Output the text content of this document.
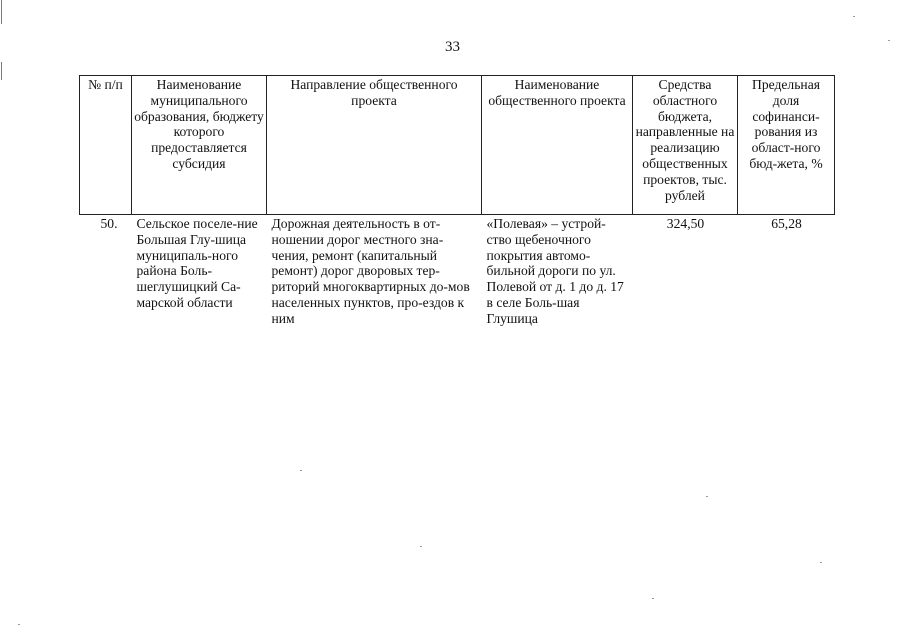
33
№ п/п	Наименование муниципального образования, бюджету которого предоставляется субсидия	Направление общественного проекта	Наименование общественного проекта	Средства областного бюджета, направленные на реализацию общественных проектов, тыс. рублей	Предельная доля софинанси-рования из област-ного бюд-жета, %
50.	Сельское поселе-ние Большая Глу-шица муниципаль-ного района Боль-шеглушицкий Са-марской области	Дорожная деятельность в от-ношении дорог местного зна-чения, ремонт (капитальный ремонт) дорог дворовых тер-риторий многоквартирных до-мов населенных пунктов, про-ездов к ним	«Полевая» – устрой-ство щебеночного покрытия автомо-бильной дороги по ул. Полевой от д. 1 до д. 17 в селе Боль-шая Глушица	324,50	65,28
